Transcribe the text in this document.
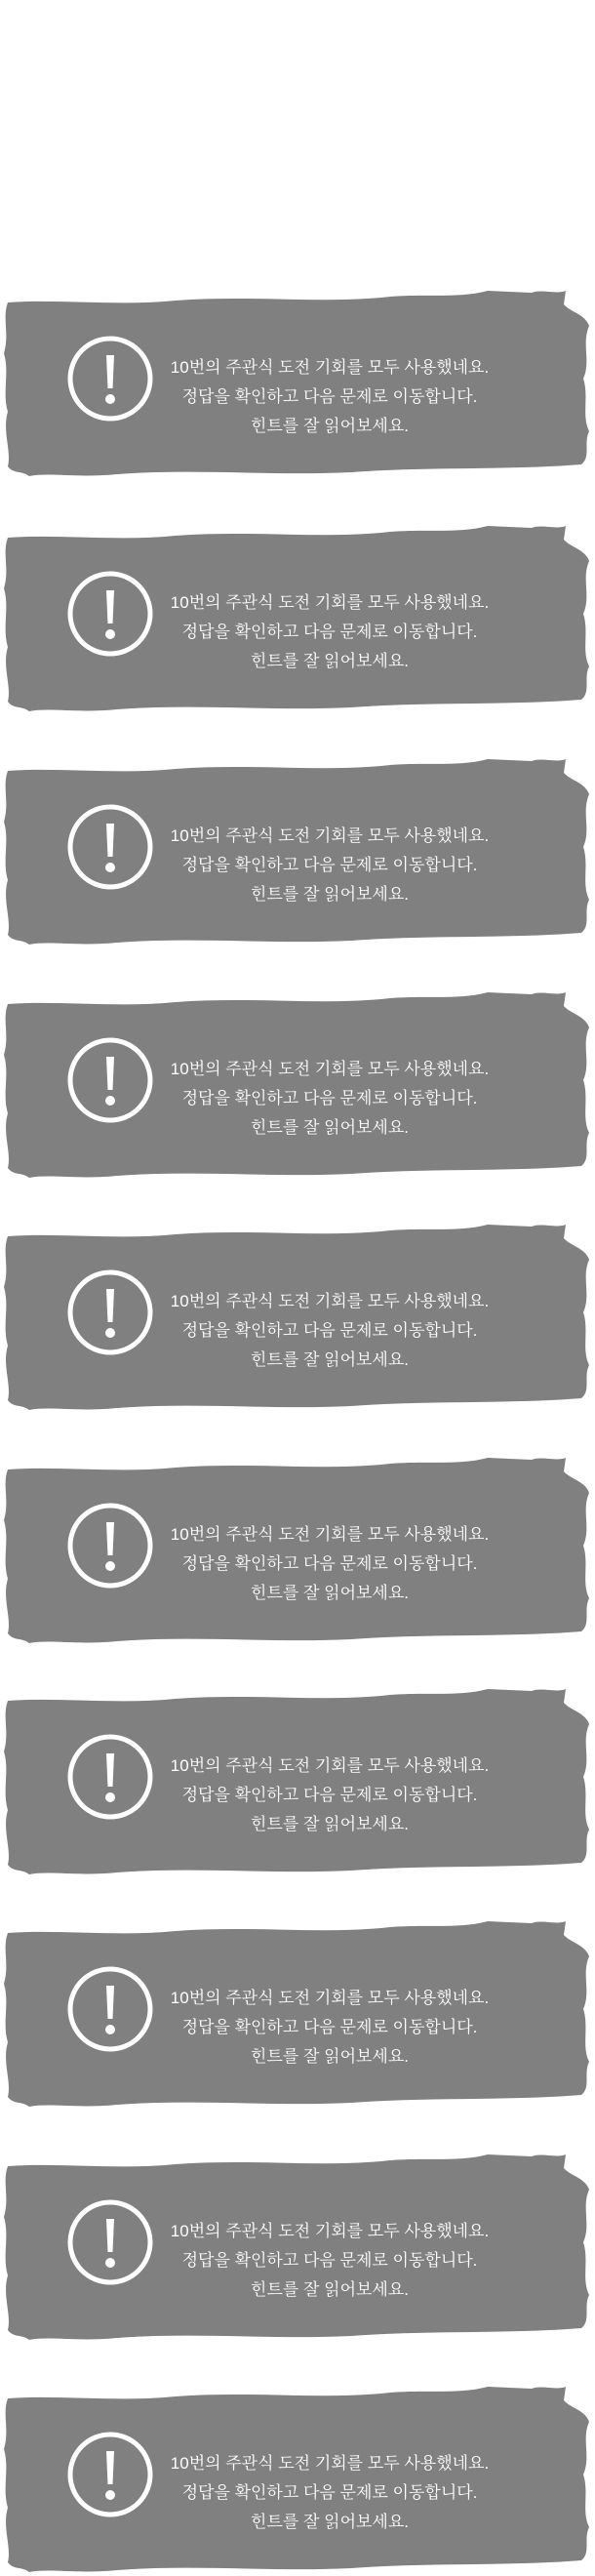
10번의 주관식 도전 기회를 모두 사용했네요.
정답을 확인하고 다음 문제로 이동합니다.
힌트를 잘 읽어보세요.
10번의 주관식 도전 기회를 모두 사용했네요.
정답을 확인하고 다음 문제로 이동합니다.
힌트를 잘 읽어보세요.
10번의 주관식 도전 기회를 모두 사용했네요.
정답을 확인하고 다음 문제로 이동합니다.
힌트를 잘 읽어보세요.
10번의 주관식 도전 기회를 모두 사용했네요.
정답을 확인하고 다음 문제로 이동합니다.
힌트를 잘 읽어보세요.
10번의 주관식 도전 기회를 모두 사용했네요.
정답을 확인하고 다음 문제로 이동합니다.
힌트를 잘 읽어보세요.
10번의 주관식 도전 기회를 모두 사용했네요.
정답을 확인하고 다음 문제로 이동합니다.
힌트를 잘 읽어보세요.
10번의 주관식 도전 기회를 모두 사용했네요.
정답을 확인하고 다음 문제로 이동합니다.
힌트를 잘 읽어보세요.
10번의 주관식 도전 기회를 모두 사용했네요.
정답을 확인하고 다음 문제로 이동합니다.
힌트를 잘 읽어보세요.
10번의 주관식 도전 기회를 모두 사용했네요.
정답을 확인하고 다음 문제로 이동합니다.
힌트를 잘 읽어보세요.
10번의 주관식 도전 기회를 모두 사용했네요.
정답을 확인하고 다음 문제로 이동합니다.
힌트를 잘 읽어보세요.
